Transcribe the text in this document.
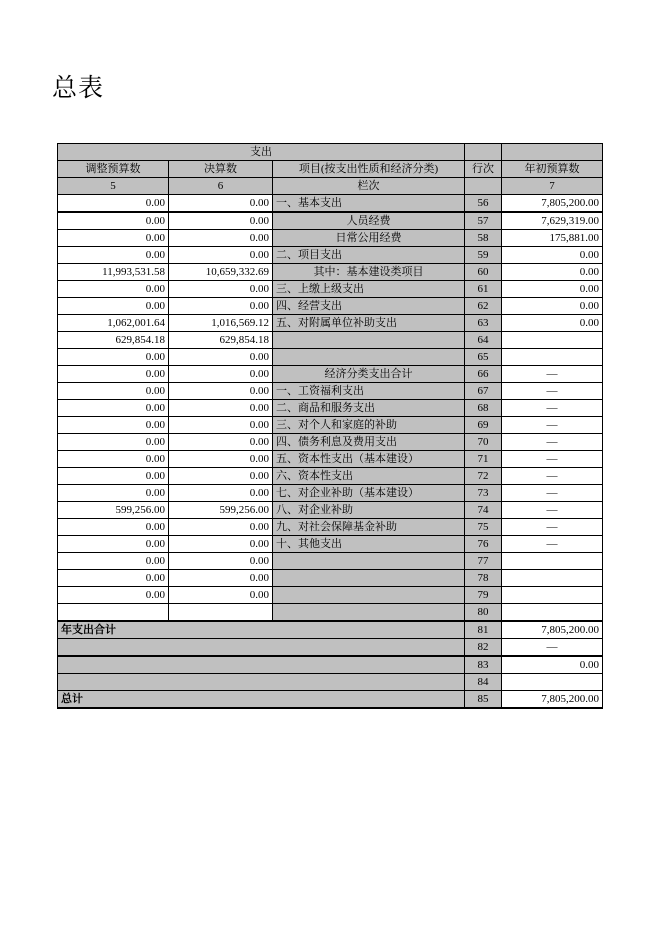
总表
支出				
调整预算数	决算数	项目(按支出性质和经济分类)	行次	年初预算数
5	6	栏次		7
0.00	0.00	一、基本支出	56	7,805,200.00
0.00	0.00	人员经费	57	7,629,319.00
0.00	0.00	日常公用经费	58	175,881.00
0.00	0.00	二、项目支出	59	0.00
11,993,531.58	10,659,332.69	其中：基本建设类项目	60	0.00
0.00	0.00	三、上缴上级支出	61	0.00
0.00	0.00	四、经营支出	62	0.00
1,062,001.64	1,016,569.12	五、对附属单位补助支出	63	0.00
629,854.18	629,854.18		64	
0.00	0.00		65	
0.00	0.00	经济分类支出合计	66	—
0.00	0.00	一、工资福利支出	67	—
0.00	0.00	二、商品和服务支出	68	—
0.00	0.00	三、对个人和家庭的补助	69	—
0.00	0.00	四、债务利息及费用支出	70	—
0.00	0.00	五、资本性支出（基本建设）	71	—
0.00	0.00	六、资本性支出	72	—
0.00	0.00	七、对企业补助（基本建设）	73	—
599,256.00	599,256.00	八、对企业补助	74	—
0.00	0.00	九、对社会保障基金补助	75	—
0.00	0.00	十、其他支出	76	—
0.00	0.00		77	
0.00	0.00		78	
0.00	0.00		79	
			80	
年支出合计			81	7,805,200.00
			82	—
			83	0.00
			84	
总计			85	7,805,200.00
